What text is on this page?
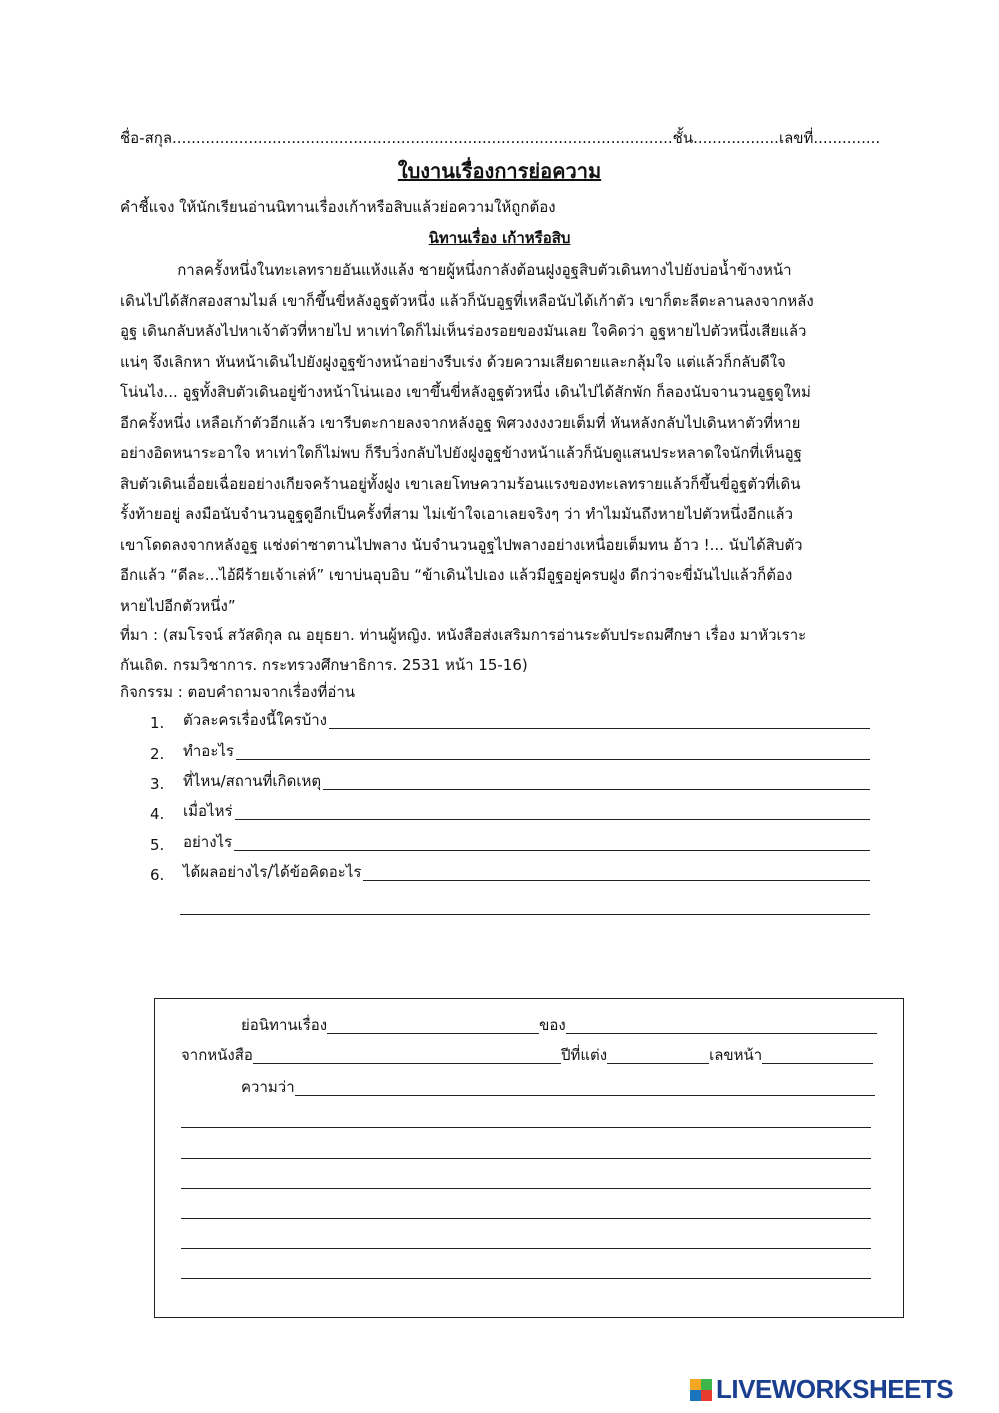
ชื่อ-สกุล.........................................................................................................ชั้น..................เลขที่..............
ใบงานเรื่องการย่อความ
คำชี้แจง ให้นักเรียนอ่านนิทานเรื่องเก้าหรือสิบแล้วย่อความให้ถูกต้อง
นิทานเรื่อง เก้าหรือสิบ
กาลครั้งหนึ่งในทะเลทรายอันแห้งแล้ง ชายผู้หนึ่งกาลังต้อนฝูงอูฐสิบตัวเดินทางไปยังบ่อน้ำข้างหน้า
เดินไปได้สักสองสามไมล์ เขาก็ขึ้นขี่หลังอูฐตัวหนึ่ง แล้วก็นับอูฐที่เหลือนับได้เก้าตัว เขาก็ตะลีตะลานลงจากหลัง
อูฐ เดินกลับหลังไปหาเจ้าตัวที่หายไป หาเท่าใดก็ไม่เห็นร่องรอยของมันเลย ใจคิดว่า อูฐหายไปตัวหนึ่งเสียแล้ว
แน่ๆ จึงเลิกหา หันหน้าเดินไปยังฝูงอูฐข้างหน้าอย่างรีบเร่ง ด้วยความเสียดายและกลุ้มใจ แต่แล้วก็กลับดีใจ
โน่นไง... อูฐทั้งสิบตัวเดินอยู่ข้างหน้าโน่นเอง เขาขึ้นขี่หลังอูฐตัวหนึ่ง เดินไปได้สักพัก ก็ลองนับจานวนอูฐดูใหม่
อีกครั้งหนึ่ง เหลือเก้าตัวอีกแล้ว เขารีบตะกายลงจากหลังอูฐ พิศวงงงงวยเต็มที่ หันหลังกลับไปเดินหาตัวที่หาย
อย่างอิดหนาระอาใจ หาเท่าใดก็ไม่พบ ก็รีบวิ่งกลับไปยังฝูงอูฐข้างหน้าแล้วก็นับดูแสนประหลาดใจนักที่เห็นอูฐ
สิบตัวเดินเอื่อยเฉื่อยอย่างเกียจคร้านอยู่ทั้งฝูง เขาเลยโทษความร้อนแรงของทะเลทรายแล้วก็ขึ้นขี่อูฐตัวที่เดิน
รั้งท้ายอยู่ ลงมือนับจำนวนอูฐดูอีกเป็นครั้งที่สาม ไม่เข้าใจเอาเลยจริงๆ ว่า ทำไมมันถึงหายไปตัวหนึ่งอีกแล้ว
เขาโดดลงจากหลังอูฐ แช่งด่าซาตานไปพลาง นับจำนวนอูฐไปพลางอย่างเหนื่อยเต็มทน อ้าว !... นับได้สิบตัว
อีกแล้ว “ดีละ...ไอ้ผีร้ายเจ้าเล่ห์” เขาบ่นอุบอิบ “ข้าเดินไปเอง แล้วมีอูฐอยู่ครบฝูง ดีกว่าจะขี่มันไปแล้วก็ต้อง
หายไปอีกตัวหนึ่ง”
ที่มา : (สมโรจน์ สวัสดิกุล ณ อยุธยา. ท่านผู้หญิง. หนังสือส่งเสริมการอ่านระดับประถมศึกษา เรื่อง มาหัวเราะ
กันเถิด. กรมวิชาการ. กระทรวงศึกษาธิการ. 2531 หน้า 15-16)
กิจกรรม : ตอบคำถามจากเรื่องที่อ่าน
1.	ตัวละครเรื่องนี้ใครบ้าง
2.	ทำอะไร
3.	ที่ไหน/สถานที่เกิดเหตุ
4.	เมื่อไหร่
5.	อย่างไร
6.	ได้ผลอย่างไร/ได้ข้อคิดอะไร
ย่อนิทานเรื่อง	ของ
จากหนังสือ	ปีที่แต่ง	เลขหน้า
ความว่า
LIVEWORKSHEETS
